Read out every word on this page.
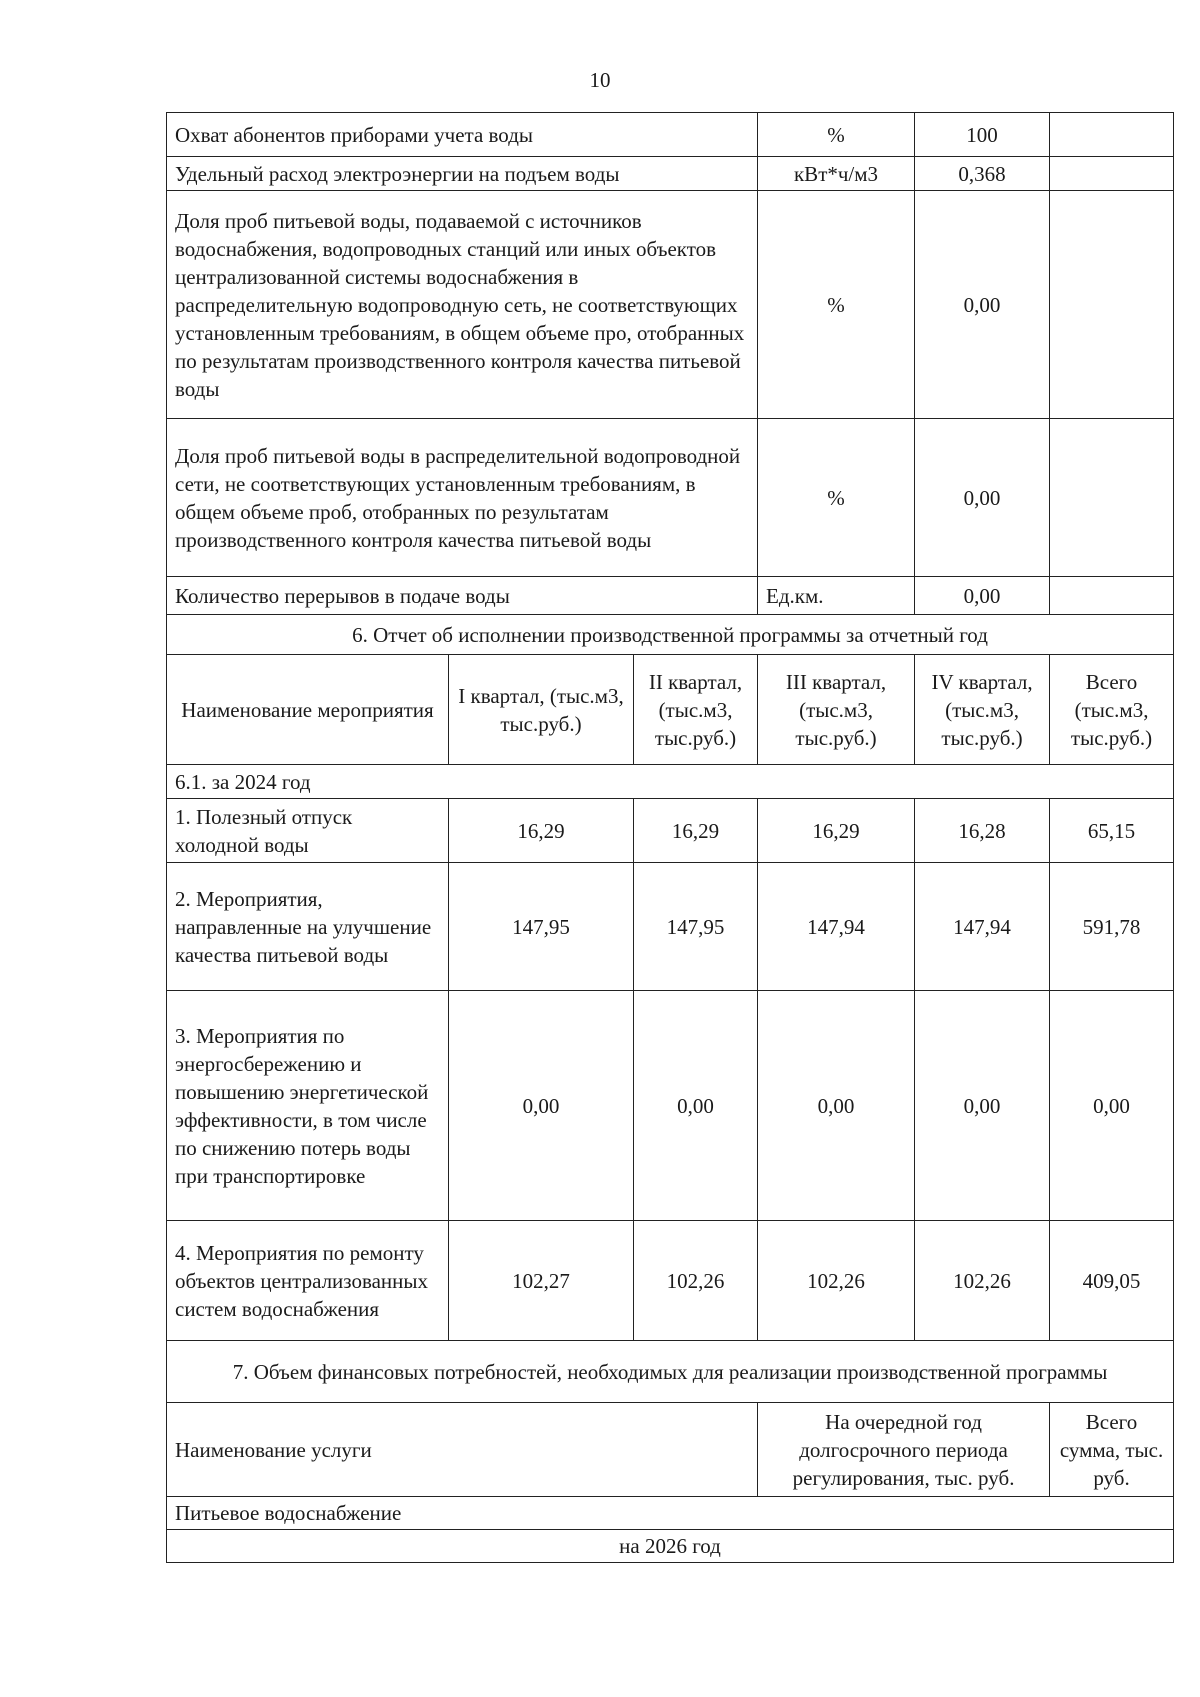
10
Охват абонентов приборами учета воды			%	100	
Удельный расход электроэнергии на подъем воды			кВт*ч/м3	0,368	
Доля проб питьевой воды, подаваемой с источников водоснабжения, водопроводных станций или иных объектов централизованной системы водоснабжения в распределительную водопроводную сеть, не соответствующих установленным требованиям, в общем объеме про, отобранных по результатам производственного контроля качества питьевой воды			%	0,00	
Доля проб питьевой воды в распределительной водопроводной сети, не соответствующих установленным требованиям, в общем объеме проб, отобранных по результатам производственного контроля качества питьевой воды			%	0,00	
Количество перерывов в подаче воды			Ед.км.	0,00	
6. Отчет об исполнении производственной программы за отчетный год					
Наименование мероприятия	I квартал, (тыс.м3, тыс.руб.)	II квартал, (тыс.м3, тыс.руб.)	III квартал, (тыс.м3, тыс.руб.)	IV квартал, (тыс.м3, тыс.руб.)	Всего (тыс.м3, тыс.руб.)
6.1. за 2024 год					
1. Полезный отпуск холодной воды	16,29	16,29	16,29	16,28	65,15
2. Мероприятия, направленные на улучшение качества питьевой воды	147,95	147,95	147,94	147,94	591,78
3. Мероприятия по энергосбережению и повышению энергетической эффективности, в том числе по снижению потерь воды при транспортировке	0,00	0,00	0,00	0,00	0,00
4. Мероприятия по ремонту объектов централизованных систем водоснабжения	102,27	102,26	102,26	102,26	409,05
7. Объем финансовых потребностей, необходимых для реализации производственной программы					
Наименование услуги			На очередной год долгосрочного периода регулирования, тыс. руб.		Всего сумма, тыс. руб.
Питьевое водоснабжение					
на 2026 год					
